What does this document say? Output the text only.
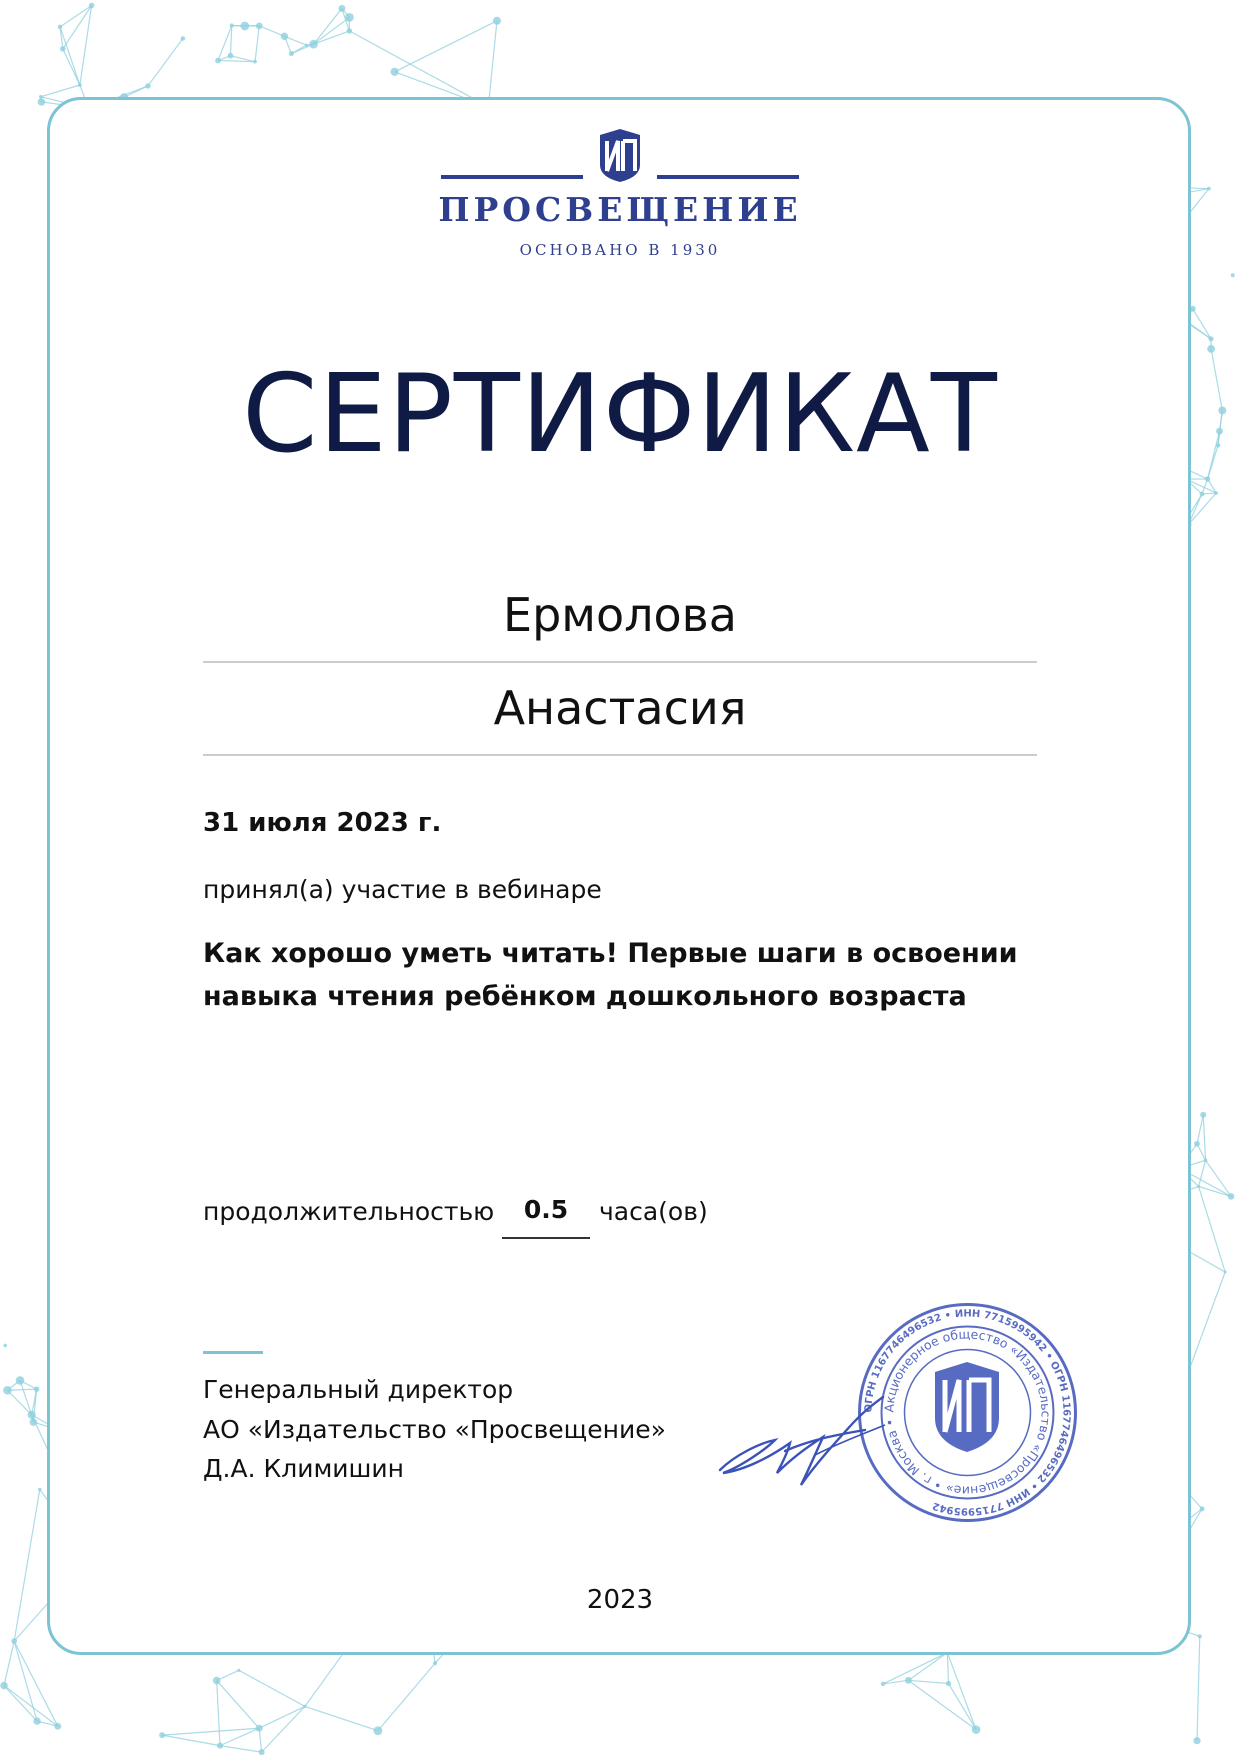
ПРОСВЕЩЕНИЕ
ОСНОВАНО В 1930
СЕРТИФИКАТ
Ермолова
Анастасия
31 июля 2023 г.
принял(а) участие в вебинаре
Как хорошо уметь читать! Первые шаги в освоении
навыка чтения ребёнком дошкольного возраста
продолжительностью	0.5	часа(ов)
Генеральный директор
АО «Издательство «Просвещение»
Д.А. Климишин
ОГРН 1167746496532 • ИНН 7715995942 • ОГРН 1167746496532 • ИНН 7715995942
Акционерное общество «Издательство «Просвещение» • г. Москва •
2023
